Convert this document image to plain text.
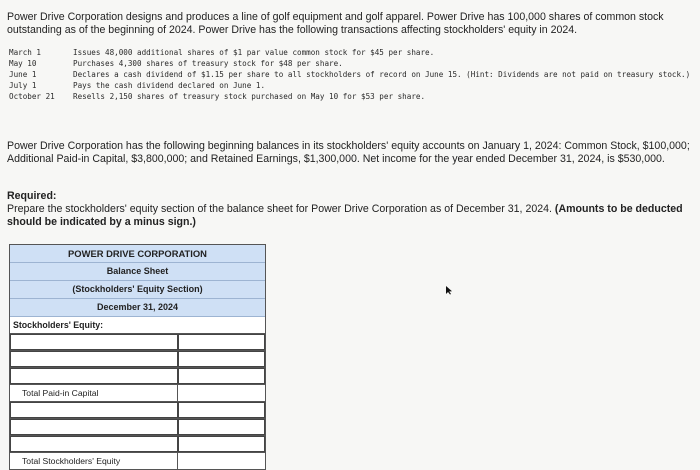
Power Drive Corporation designs and produces a line of golf equipment and golf apparel. Power Drive has 100,000 shares of common stock outstanding as of the beginning of 2024. Power Drive has the following transactions affecting stockholders' equity in 2024.
March 1	Issues 48,000 additional shares of $1 par value common stock for $45 per share.
May 10	Purchases 4,300 shares of treasury stock for $48 per share.
June 1	Declares a cash dividend of $1.15 per share to all stockholders of record on June 15. (Hint: Dividends are not paid on treasury stock.)
July 1	Pays the cash dividend declared on June 1.
October 21	Resells 2,150 shares of treasury stock purchased on May 10 for $53 per share.
Power Drive Corporation has the following beginning balances in its stockholders' equity accounts on January 1, 2024: Common Stock, $100,000; Additional Paid-in Capital, $3,800,000; and Retained Earnings, $1,300,000. Net income for the year ended December 31, 2024, is $530,000.
Required:
Prepare the stockholders' equity section of the balance sheet for Power Drive Corporation as of December 31, 2024. (Amounts to be deducted should be indicated by a minus sign.)
POWER DRIVE CORPORATION
Balance Sheet
(Stockholders' Equity Section)
December 31, 2024
Stockholders' Equity:
Total Paid-in Capital
Total Stockholders' Equity
